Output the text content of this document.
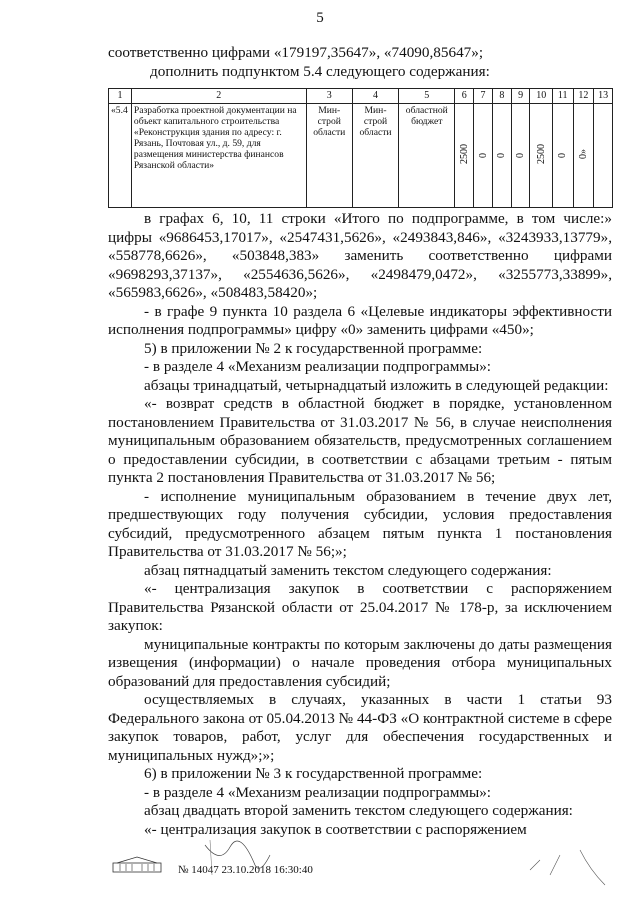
5

соответственно цифрами «179197,35647», «74090,85647»;

дополнить подпунктом 5.4 следующего содержания:

1	2	3	4	5	6	7	8	9	10	11	12	13
«5.4	Разработка проектной документации на объект капитального строительства «Реконструкция здания по адресу: г. Рязань, Почтовая ул., д. 59, для размещения министерства финансов Рязанской области»	Мин-строй области	Мин-строй области	областной бюджет	2500	0	0	0	2500	0	0»	

в графах 6, 10, 11 строки «Итого по подпрограмме, в том числе:» цифры «9686453,17017», «2547431,5626», «2493843,846», «3243933,13779», «558778,6626», «503848,383» заменить соответственно цифрами «9698293,37137», «2554636,5626», «2498479,0472», «3255773,33899», «565983,6626», «508483,58420»;

- в графе 9 пункта 10 раздела 6 «Целевые индикаторы эффективности исполнения подпрограммы» цифру «0» заменить цифрами «450»;

5) в приложении № 2 к государственной программе:

- в разделе 4 «Механизм реализации подпрограммы»:

абзацы тринадцатый, четырнадцатый изложить в следующей редакции:

«- возврат средств в областной бюджет в порядке, установленном постановлением Правительства от 31.03.2017 № 56, в случае неисполнения муниципальным образованием обязательств, предусмотренных соглашением о предоставлении субсидии, в соответствии с абзацами третьим - пятым пункта 2 постановления Правительства от 31.03.2017 № 56;

- исполнение муниципальным образованием в течение двух лет, предшествующих году получения субсидии, условия предоставления субсидий, предусмотренного абзацем пятым пункта 1 постановления Правительства от 31.03.2017 № 56;»;

абзац пятнадцатый заменить текстом следующего содержания:

«- централизация закупок в соответствии с распоряжением Правительства Рязанской области от 25.04.2017 № 178-р, за исключением закупок:

муниципальные контракты по которым заключены до даты размещения извещения (информации) о начале проведения отбора муниципальных образований для предоставления субсидий;

осуществляемых в случаях, указанных в части 1 статьи 93 Федерального закона от 05.04.2013 № 44-ФЗ «О контрактной системе в сфере закупок товаров, работ, услуг для обеспечения государственных и муниципальных нужд»;»;

6) в приложении № 3 к государственной программе:

- в разделе 4 «Механизм реализации подпрограммы»:

абзац двадцать второй заменить текстом следующего содержания:

«- централизация закупок в соответствии с распоряжением

№ 14047 23.10.2018 16:30:40
